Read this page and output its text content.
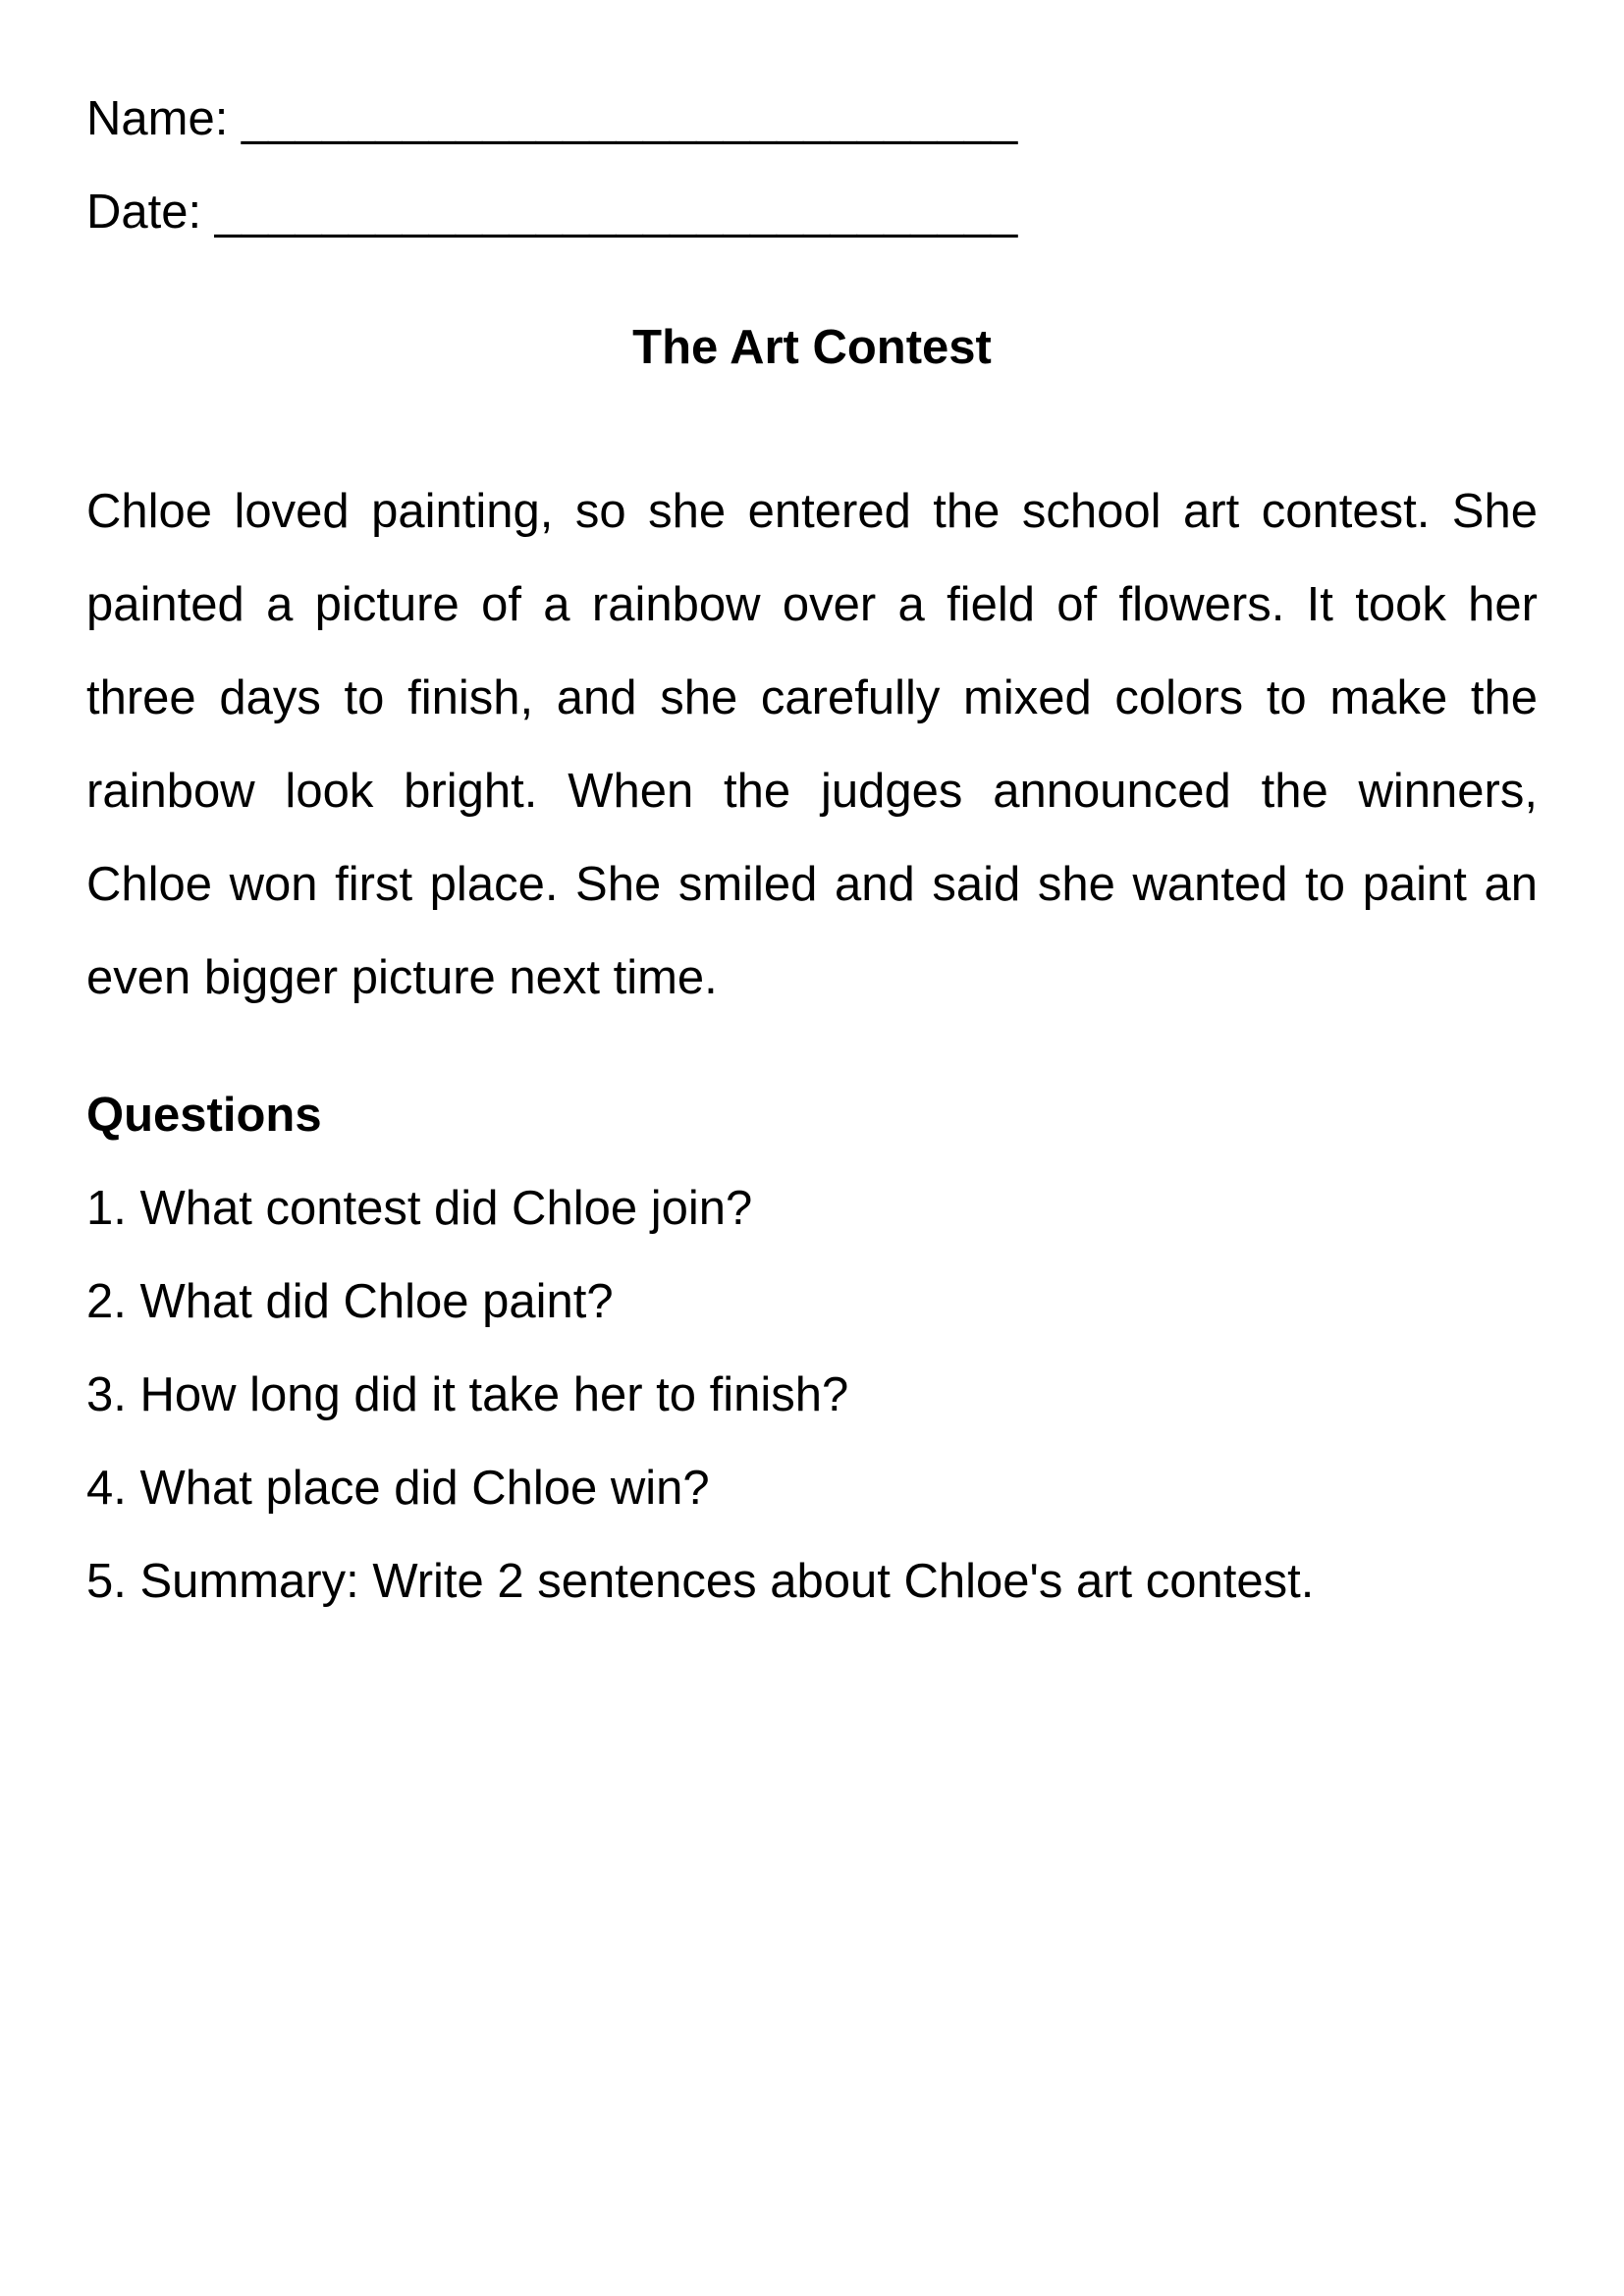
Name: _____________________________
Date: ______________________________
The Art Contest
Chloe loved painting, so she entered the school art contest. She
painted a picture of a rainbow over a field of flowers. It took her
three days to finish, and she carefully mixed colors to make the
rainbow look bright. When the judges announced the winners,
Chloe won first place. She smiled and said she wanted to paint an
even bigger picture next time.
Questions
1. What contest did Chloe join?
2. What did Chloe paint?
3. How long did it take her to finish?
4. What place did Chloe win?
5. Summary: Write 2 sentences about Chloe's art contest.
